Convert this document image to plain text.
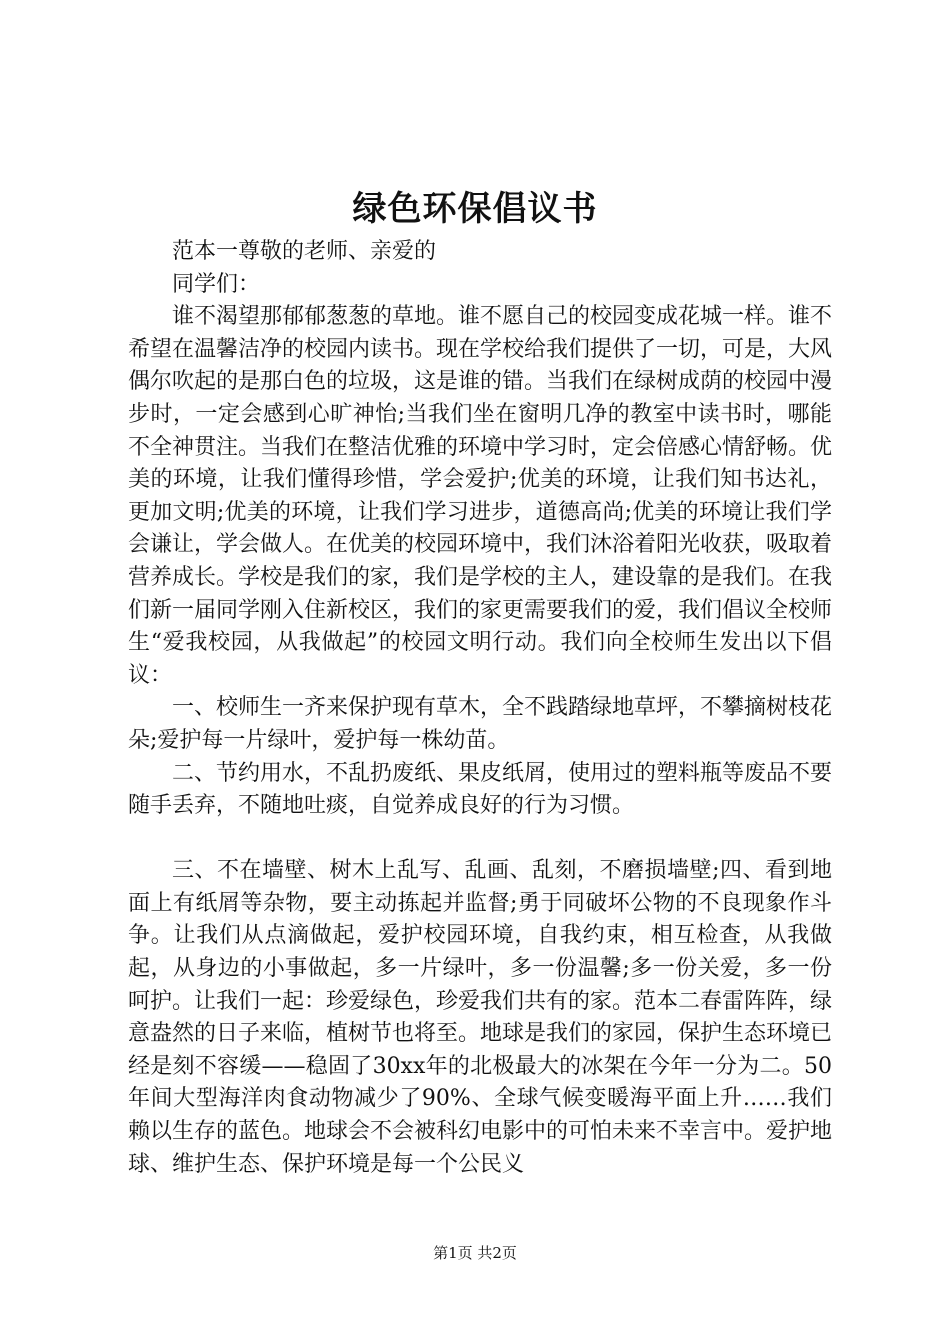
绿色环保倡议书

范本一尊敬的老师、亲爱的

同学们：

谁不渴望那郁郁葱葱的草地。谁不愿自己的校园变成花城一样。谁不希望在温馨洁净的校园内读书。现在学校给我们提供了一切，可是，大风偶尔吹起的是那白色的垃圾，这是谁的错。当我们在绿树成荫的校园中漫步时，一定会感到心旷神怡;当我们坐在窗明几净的教室中读书时，哪能不全神贯注。当我们在整洁优雅的环境中学习时，定会倍感心情舒畅。优美的环境，让我们懂得珍惜，学会爱护;优美的环境，让我们知书达礼，更加文明;优美的环境，让我们学习进步，道德高尚;优美的环境让我们学会谦让，学会做人。在优美的校园环境中，我们沐浴着阳光收获，吸取着营养成长。学校是我们的家，我们是学校的主人，建设靠的是我们。在我们新一届同学刚入住新校区，我们的家更需要我们的爱，我们倡议全校师生“爱我校园，从我做起”的校园文明行动。我们向全校师生发出以下倡议：

一、校师生一齐来保护现有草木，全不践踏绿地草坪，不攀摘树枝花朵;爱护每一片绿叶，爱护每一株幼苗。

二、节约用水，不乱扔废纸、果皮纸屑，使用过的塑料瓶等废品不要随手丢弃，不随地吐痰，自觉养成良好的行为习惯。

三、不在墙壁、树木上乱写、乱画、乱刻，不磨损墙壁;四、看到地面上有纸屑等杂物，要主动拣起并监督;勇于同破坏公物的不良现象作斗争。让我们从点滴做起，爱护校园环境，自我约束，相互检查，从我做起，从身边的小事做起，多一片绿叶，多一份温馨;多一份关爱，多一份呵护。让我们一起：珍爱绿色，珍爱我们共有的家。范本二春雷阵阵，绿意盎然的日子来临，植树节也将至。地球是我们的家园，保护生态环境已经是刻不容缓——稳固了30xx年的北极最大的冰架在今年一分为二。50年间大型海洋肉食动物减少了90%、全球气候变暖海平面上升……我们赖以生存的蓝色。地球会不会被科幻电影中的可怕未来不幸言中。爱护地球、维护生态、保护环境是每一个公民义

第1页 共2页
